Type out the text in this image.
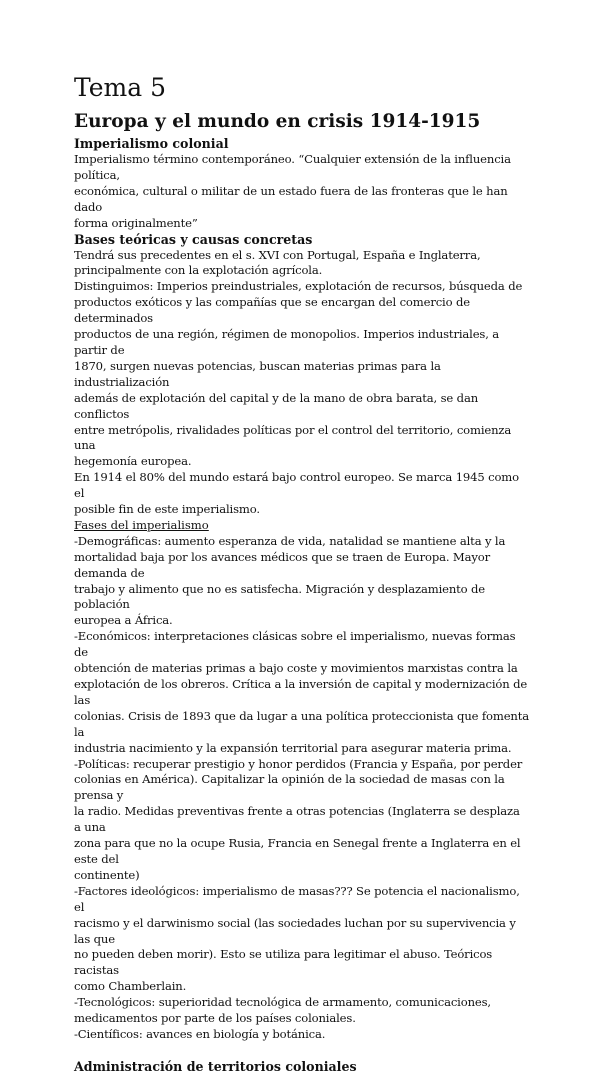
Tema 5
Europa y el mundo en crisis 1914-1915
Imperialismo colonial
Imperialismo término contemporáneo. “Cualquier extensión de la influencia política,
económica, cultural o militar de un estado fuera de las fronteras que le han dado
forma originalmente”
Bases teóricas y causas concretas
Tendrá sus precedentes en el s. XVI con Portugal, España e Inglaterra,
principalmente con la explotación agrícola.
Distinguimos: Imperios preindustriales, explotación de recursos, búsqueda de
productos exóticos y las compañías que se encargan del comercio de determinados
productos de una región, régimen de monopolios. Imperios industriales, a partir de
1870, surgen nuevas potencias, buscan materias primas para la industrialización
además de explotación del capital y de la mano de obra barata, se dan conflictos
entre metrópolis, rivalidades políticas por el control del territorio, comienza una
hegemonía europea.
En 1914 el 80% del mundo estará bajo control europeo. Se marca 1945 como el
posible fin de este imperialismo.
Fases del imperialismo
-Demográficas: aumento esperanza de vida, natalidad se mantiene alta y la
mortalidad baja por los avances médicos que se traen de Europa. Mayor demanda de
trabajo y alimento que no es satisfecha. Migración y desplazamiento de población
europea a África.
-Económicos: interpretaciones clásicas sobre el imperialismo, nuevas formas de
obtención de materias primas a bajo coste y movimientos marxistas contra la
explotación de los obreros. Crítica a la inversión de capital y modernización de las
colonias. Crisis de 1893 que da lugar a una política proteccionista que fomenta la
industria nacimiento y la expansión territorial para asegurar materia prima.
-Políticas: recuperar prestigio y honor perdidos (Francia y España, por perder
colonias en América). Capitalizar la opinión de la sociedad de masas con la prensa y
la radio. Medidas preventivas frente a otras potencias (Inglaterra se desplaza a una
zona para que no la ocupe Rusia, Francia en Senegal frente a Inglaterra en el este del
continente)
-Factores ideológicos: imperialismo de masas??? Se potencia el nacionalismo, el
racismo y el darwinismo social (las sociedades luchan por su supervivencia y las que
no pueden deben morir). Esto se utiliza para legitimar el abuso. Teóricos racistas
como Chamberlain.
-Tecnológicos: superioridad tecnológica de armamento, comunicaciones,
medicamentos por parte de los países coloniales.
-Científicos: avances en biología y botánica.
Administración de territorios coloniales
